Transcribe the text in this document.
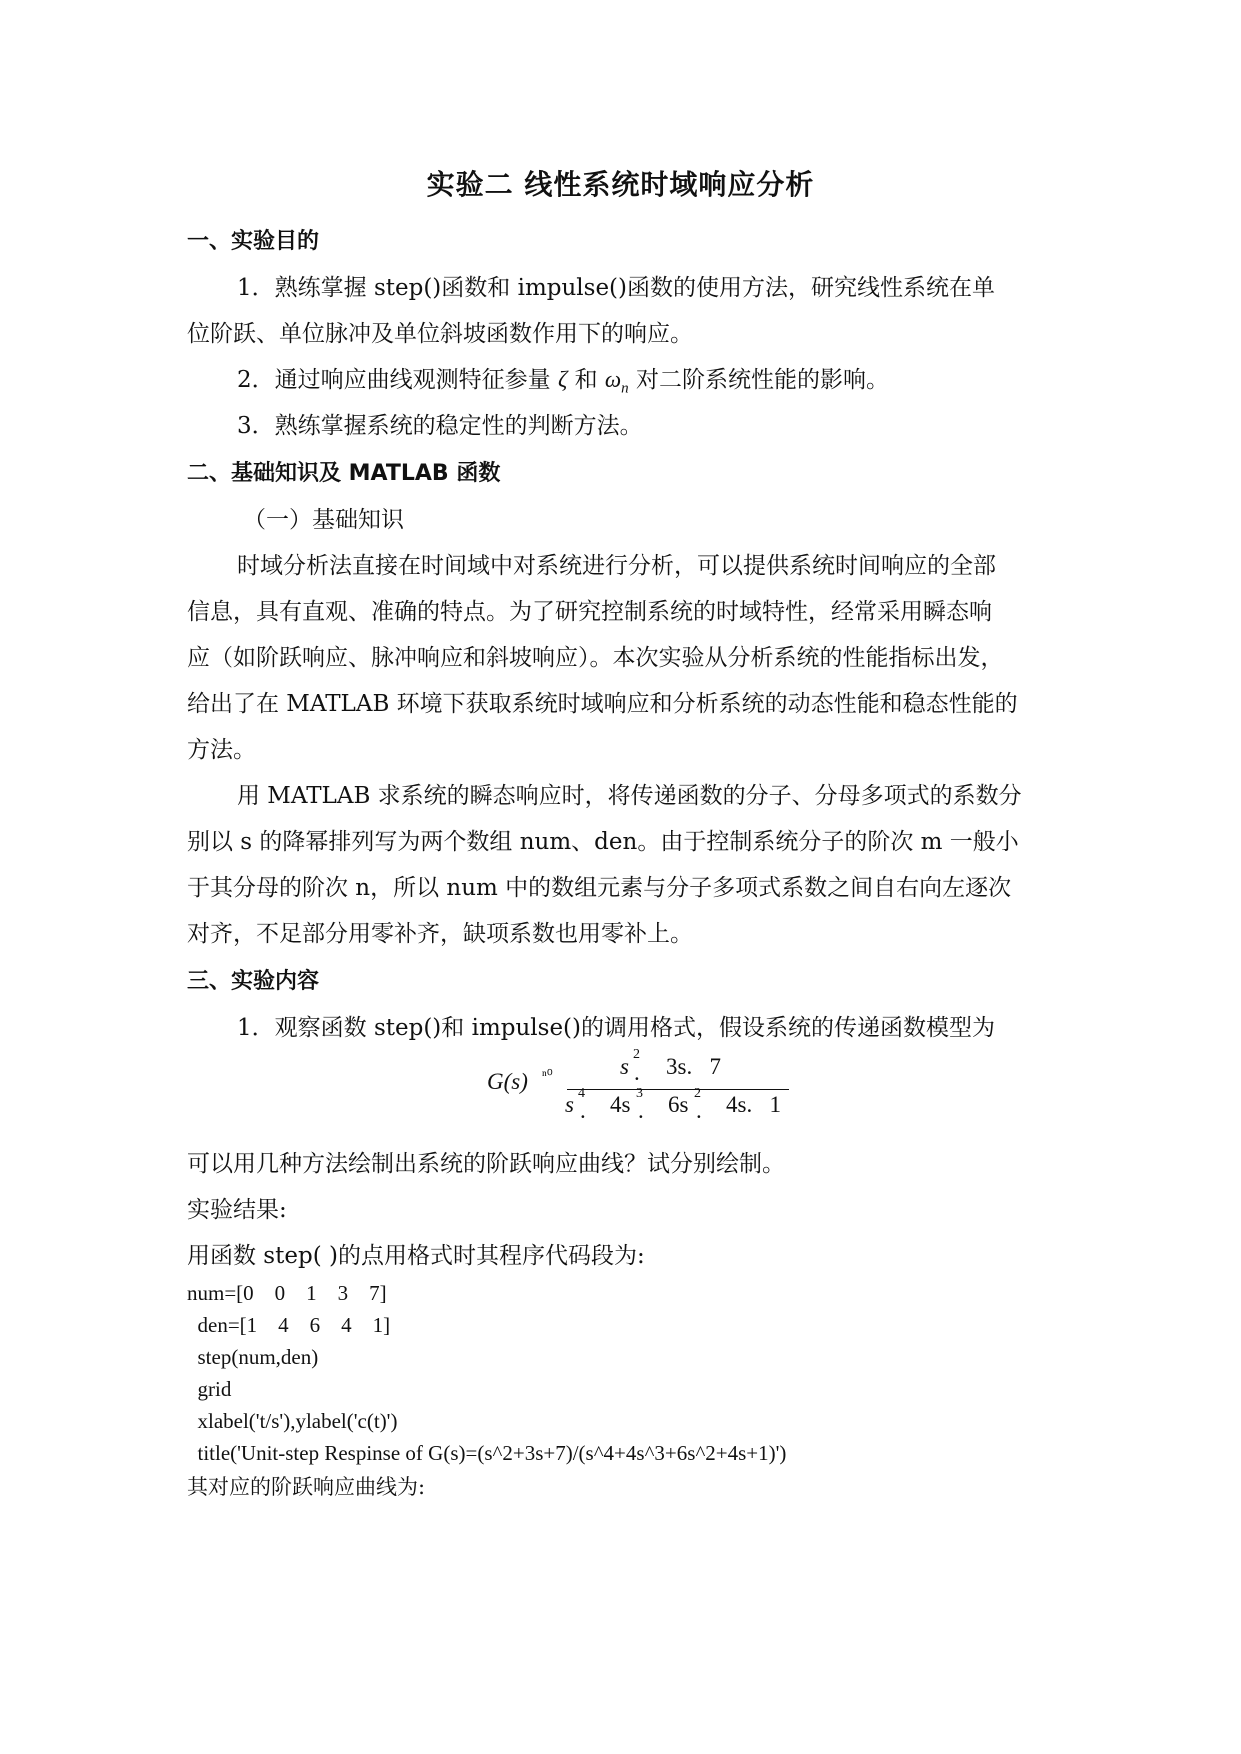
实验二 线性系统时域响应分析
一、实验目的
1．熟练掌握 step()函数和 impulse()函数的使用方法，研究线性系统在单
位阶跃、单位脉冲及单位斜坡函数作用下的响应。
2．通过响应曲线观测特征参量 ζ 和 $\omega_n$ 对二阶系统性能的影响。
3．熟练掌握系统的稳定性的判断方法。
二、基础知识及 MATLAB 函数
（一）基础知识
时域分析法直接在时间域中对系统进行分析，可以提供系统时间响应的全部
信息，具有直观、准确的特点。为了研究控制系统的时域特性，经常采用瞬态响
应（如阶跃响应、脉冲响应和斜坡响应）。本次实验从分析系统的性能指标出发，
给出了在 MATLAB 环境下获取系统时域响应和分析系统的动态性能和稳态性能的
方法。
用 MATLAB 求系统的瞬态响应时，将传递函数的分子、分母多项式的系数分
别以 s 的降幂排列写为两个数组 num、den。由于控制系统分子的阶次 m 一般小
于其分母的阶次 n，所以 num 中的数组元素与分子多项式系数之间自右向左逐次
对齐，不足部分用零补齐，缺项系数也用零补上。
三、实验内容
1．观察函数 step()和 impulse()的调用格式，假设系统的传递函数模型为
G(s) ⁿ⁰	s 2
. 3s.   7
s 4
. 4s 3
. 6s 2
. 4s.   1
可以用几种方法绘制出系统的阶跃响应曲线？试分别绘制。
实验结果:
用函数 step( )的点用格式时其程序代码段为:
num=[0    0    1    3    7]
den=[1    4    6    4    1]
step(num,den)
grid
xlabel('t/s'),ylabel('c(t)')
title('Unit-step Respinse of G(s)=(s^2+3s+7)/(s^4+4s^3+6s^2+4s+1)')
其对应的阶跃响应曲线为:
